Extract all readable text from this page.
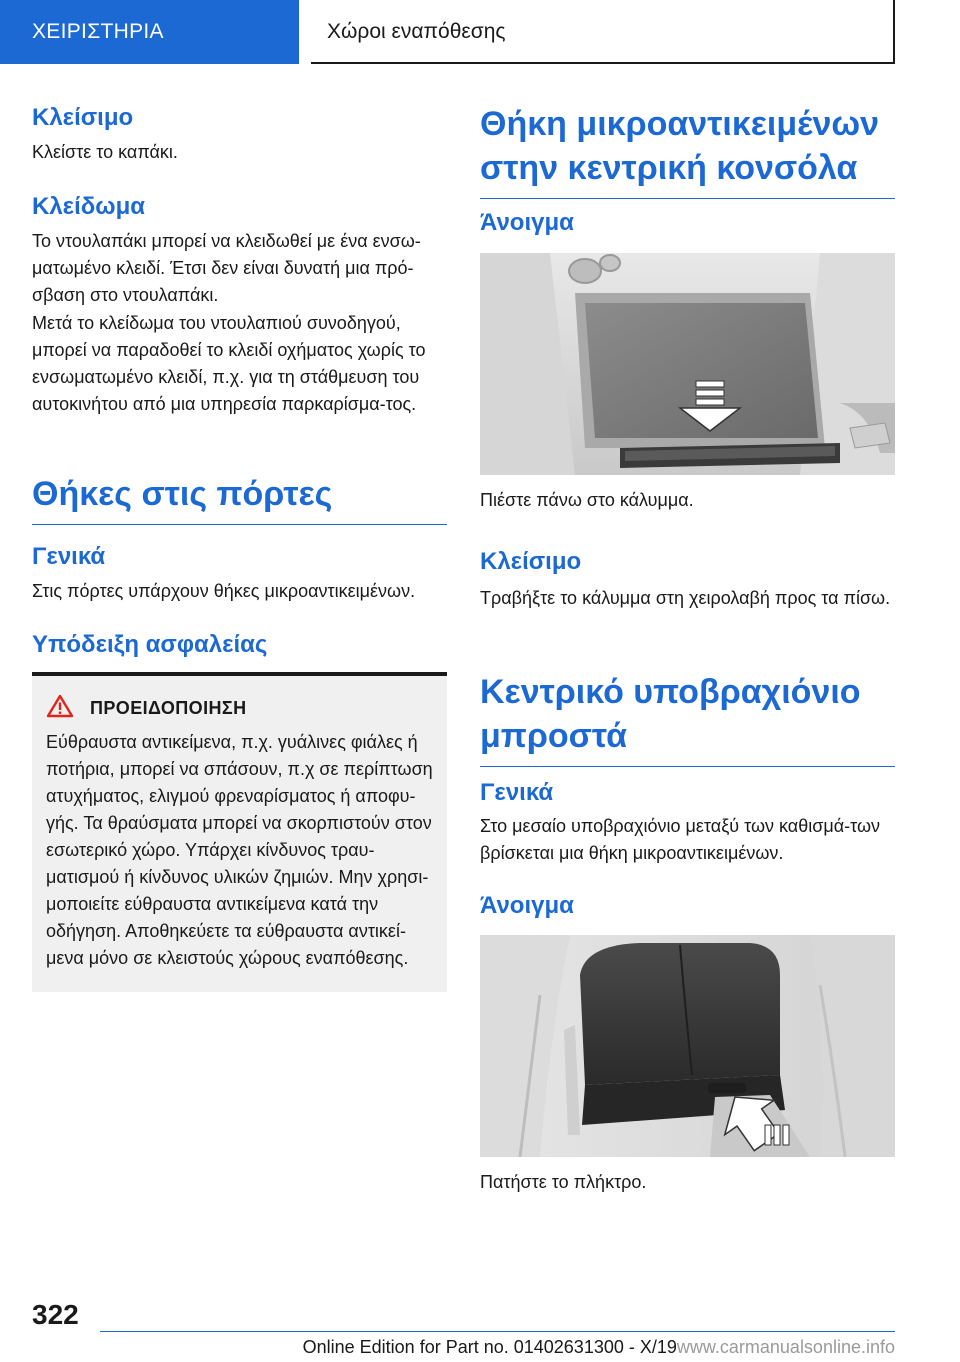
ΧΕΙΡΙΣΤΗΡΙΑ	Χώροι εναπόθεσης
Κλείσιμο

Κλείστε το καπάκι.

Κλείδωμα

Το ντουλαπάκι μπορεί να κλειδωθεί με ένα ενσω-ματωμένο κλειδί. Έτσι δεν είναι δυνατή μια πρό-σβαση στο ντουλαπάκι.

Μετά το κλείδωμα του ντουλαπιού συνοδηγού, μπορεί να παραδοθεί το κλειδί οχήματος χωρίς το ενσωματωμένο κλειδί, π.χ. για τη στάθμευση του αυτοκινήτου από μια υπηρεσία παρκαρίσμα-τος.

Θήκες στις πόρτες
Γενικά

Στις πόρτες υπάρχουν θήκες μικροαντικειμένων.

Υπόδειξη ασφαλείας
ΠΡΟΕΙΔΟΠΟΙΗΣΗ

Εύθραυστα αντικείμενα, π.χ. γυάλινες φιάλες ή ποτήρια, μπορεί να σπάσουν, π.χ σε περίπτωση ατυχήματος, ελιγμού φρεναρίσματος ή αποφυ-γής. Τα θραύσματα μπορεί να σκορπιστούν στον εσωτερικό χώρο. Υπάρχει κίνδυνος τραυ-ματισμού ή κίνδυνος υλικών ζημιών. Μην χρησι-μοποιείτε εύθραυστα αντικείμενα κατά την οδήγηση. Αποθηκεύετε τα εύθραυστα αντικεί-μενα μόνο σε κλειστούς χώρους εναπόθεσης.

Θήκη μικροαντικειμένων στην κεντρική κονσόλα
Άνοιγμα

Πιέστε πάνω στο κάλυμμα.

Κλείσιμο

Τραβήξτε το κάλυμμα στη χειρολαβή προς τα πίσω.

Κεντρικό υποβραχιόνιο μπροστά
Γενικά

Στο μεσαίο υποβραχιόνιο μεταξύ των καθισμά-των βρίσκεται μια θήκη μικροαντικειμένων.

Άνοιγμα

Πατήστε το πλήκτρο.

322
Online Edition for Part no. 01402631300 - X/19www.carmanualsonline.info
